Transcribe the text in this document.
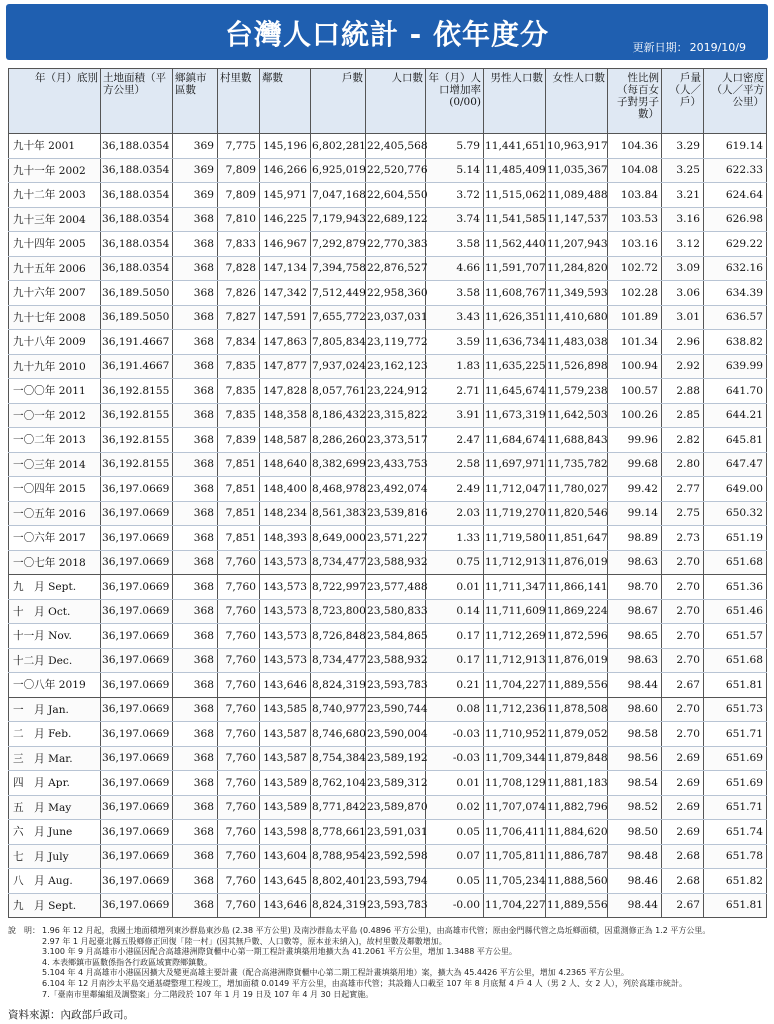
台灣人口統計 - 依年度分	更新日期： 2019/10/9
年（月）底別	土地面積（平方公里）	鄉鎮市區數	村里數	鄰數	戶數	人口數	年（月）人口增加率 (0/00)	男性人口數	女性人口數	性比例（每百女子對男子數）	戶量（人／戶）	人口密度（人／平方公里）
九十年 2001	36,188.0354	369	7,775	145,196	6,802,281	22,405,568	5.79	11,441,651	10,963,917	104.36	3.29	619.14
九十一年 2002	36,188.0354	369	7,809	146,266	6,925,019	22,520,776	5.14	11,485,409	11,035,367	104.08	3.25	622.33
九十二年 2003	36,188.0354	369	7,809	145,971	7,047,168	22,604,550	3.72	11,515,062	11,089,488	103.84	3.21	624.64
九十三年 2004	36,188.0354	368	7,810	146,225	7,179,943	22,689,122	3.74	11,541,585	11,147,537	103.53	3.16	626.98
九十四年 2005	36,188.0354	368	7,833	146,967	7,292,879	22,770,383	3.58	11,562,440	11,207,943	103.16	3.12	629.22
九十五年 2006	36,188.0354	368	7,828	147,134	7,394,758	22,876,527	4.66	11,591,707	11,284,820	102.72	3.09	632.16
九十六年 2007	36,189.5050	368	7,826	147,342	7,512,449	22,958,360	3.58	11,608,767	11,349,593	102.28	3.06	634.39
九十七年 2008	36,189.5050	368	7,827	147,591	7,655,772	23,037,031	3.43	11,626,351	11,410,680	101.89	3.01	636.57
九十八年 2009	36,191.4667	368	7,834	147,863	7,805,834	23,119,772	3.59	11,636,734	11,483,038	101.34	2.96	638.82
九十九年 2010	36,191.4667	368	7,835	147,877	7,937,024	23,162,123	1.83	11,635,225	11,526,898	100.94	2.92	639.99
一〇〇年 2011	36,192.8155	368	7,835	147,828	8,057,761	23,224,912	2.71	11,645,674	11,579,238	100.57	2.88	641.70
一〇一年 2012	36,192.8155	368	7,835	148,358	8,186,432	23,315,822	3.91	11,673,319	11,642,503	100.26	2.85	644.21
一〇二年 2013	36,192.8155	368	7,839	148,587	8,286,260	23,373,517	2.47	11,684,674	11,688,843	99.96	2.82	645.81
一〇三年 2014	36,192.8155	368	7,851	148,640	8,382,699	23,433,753	2.58	11,697,971	11,735,782	99.68	2.80	647.47
一〇四年 2015	36,197.0669	368	7,851	148,400	8,468,978	23,492,074	2.49	11,712,047	11,780,027	99.42	2.77	649.00
一〇五年 2016	36,197.0669	368	7,851	148,234	8,561,383	23,539,816	2.03	11,719,270	11,820,546	99.14	2.75	650.32
一〇六年 2017	36,197.0669	368	7,851	148,393	8,649,000	23,571,227	1.33	11,719,580	11,851,647	98.89	2.73	651.19
一〇七年 2018	36,197.0669	368	7,760	143,573	8,734,477	23,588,932	0.75	11,712,913	11,876,019	98.63	2.70	651.68
九　月 Sept.	36,197.0669	368	7,760	143,573	8,722,997	23,577,488	0.01	11,711,347	11,866,141	98.70	2.70	651.36
十　月 Oct.	36,197.0669	368	7,760	143,573	8,723,800	23,580,833	0.14	11,711,609	11,869,224	98.67	2.70	651.46
十一月 Nov.	36,197.0669	368	7,760	143,573	8,726,848	23,584,865	0.17	11,712,269	11,872,596	98.65	2.70	651.57
十二月 Dec.	36,197.0669	368	7,760	143,573	8,734,477	23,588,932	0.17	11,712,913	11,876,019	98.63	2.70	651.68
一〇八年 2019	36,197.0669	368	7,760	143,646	8,824,319	23,593,783	0.21	11,704,227	11,889,556	98.44	2.67	651.81
一　月 Jan.	36,197.0669	368	7,760	143,585	8,740,977	23,590,744	0.08	11,712,236	11,878,508	98.60	2.70	651.73
二　月 Feb.	36,197.0669	368	7,760	143,587	8,746,680	23,590,004	-0.03	11,710,952	11,879,052	98.58	2.70	651.71
三　月 Mar.	36,197.0669	368	7,760	143,587	8,754,384	23,589,192	-0.03	11,709,344	11,879,848	98.56	2.69	651.69
四　月 Apr.	36,197.0669	368	7,760	143,589	8,762,104	23,589,312	0.01	11,708,129	11,881,183	98.54	2.69	651.69
五　月 May	36,197.0669	368	7,760	143,589	8,771,842	23,589,870	0.02	11,707,074	11,882,796	98.52	2.69	651.71
六　月 June	36,197.0669	368	7,760	143,598	8,778,661	23,591,031	0.05	11,706,411	11,884,620	98.50	2.69	651.74
七　月 July	36,197.0669	368	7,760	143,604	8,788,954	23,592,598	0.07	11,705,811	11,886,787	98.48	2.68	651.78
八　月 Aug.	36,197.0669	368	7,760	143,645	8,802,401	23,593,794	0.05	11,705,234	11,888,560	98.46	2.68	651.82
九　月 Sept.	36,197.0669	368	7,760	143,646	8,824,319	23,593,783	-0.00	11,704,227	11,889,556	98.44	2.67	651.81
說　明： 1.96 年 12 月起，我國土地面積增列東沙群島東沙島 (2.38 平方公里) 及南沙群島太平島 (0.4896 平方公里)，由高雄市代管；原由金門縣代管之烏坵鄉面積，因重測修正為 1.2 平方公里。
2.97 年 1 月起臺北縣五股鄉修正回復「陸一村」(因其無戶數、人口數等，原本並未納入)，故村里數及鄰數增加。
3.100 年 9 月高雄市小港區因配合高雄港洲際貨櫃中心第一期工程計畫填築用地擴大為 41.2061 平方公里，增加 1.3488 平方公里。
4. 本表鄉鎮市區數係指各行政區域實際鄉鎮數。
5.104 年 4 月高雄市小港區因擴大及變更高雄主要計畫（配合高港洲際貨櫃中心第二期工程計畫填築用地）案，擴大為 45.4426 平方公里，增加 4.2365 平方公里。
6.104 年 12 月南沙太平島交通基礎整理工程竣工，增加面積 0.0149 平方公里，由高雄市代管；其設籍人口載至 107 年 8 月底幫 4 戶 4 人（男 2 人、女 2 人），列於高雄市統計。
7.「臺南市里鄰編組及調整案」分二階段於 107 年 1 月 19 日及 107 年 4 月 30 日起實施。
資料來源：內政部戶政司。
